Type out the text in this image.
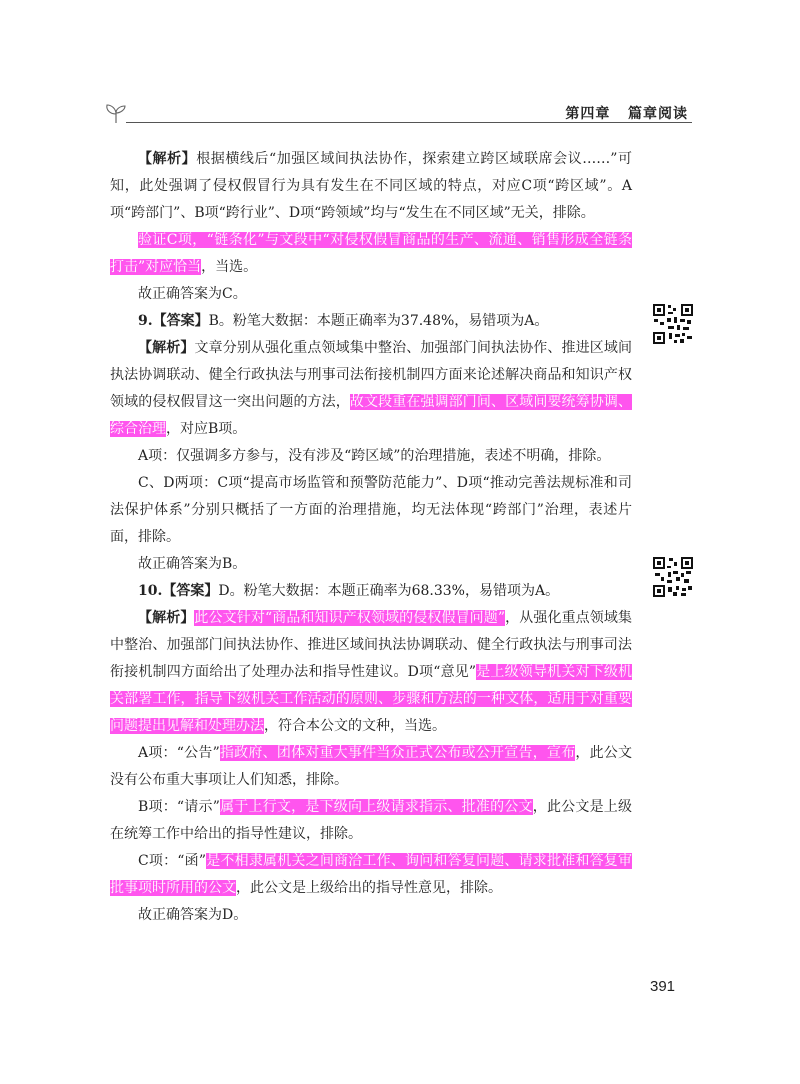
第四章 篇章阅读

【解析】根据横线后“加强区域间执法协作，探索建立跨区域联席会议……”可知，此处强调了侵权假冒行为具有发生在不同区域的特点，对应C项“跨区域”。A项“跨部门”、B项“跨行业”、D项“跨领域”均与“发生在不同区域”无关，排除。

验证C项，“链条化”与文段中“对侵权假冒商品的生产、流通、销售形成全链条打击”对应恰当，当选。

故正确答案为C。

9.【答案】B。粉笔大数据：本题正确率为37.48%，易错项为A。

【解析】文章分别从强化重点领域集中整治、加强部门间执法协作、推进区域间执法协调联动、健全行政执法与刑事司法衔接机制四方面来论述解决商品和知识产权领域的侵权假冒这一突出问题的方法，故文段重在强调部门间、区域间要统筹协调、综合治理，对应B项。

A项：仅强调多方参与，没有涉及“跨区域”的治理措施，表述不明确，排除。

C、D两项：C项“提高市场监管和预警防范能力”、D项“推动完善法规标准和司法保护体系”分别只概括了一方面的治理措施，均无法体现“跨部门”治理，表述片面，排除。

故正确答案为B。

10.【答案】D。粉笔大数据：本题正确率为68.33%，易错项为A。

【解析】此公文针对“商品和知识产权领域的侵权假冒问题”，从强化重点领域集中整治、加强部门间执法协作、推进区域间执法协调联动、健全行政执法与刑事司法衔接机制四方面给出了处理办法和指导性建议。D项“意见”是上级领导机关对下级机关部署工作，指导下级机关工作活动的原则、步骤和方法的一种文体，适用于对重要问题提出见解和处理办法，符合本公文的文种，当选。

A项：“公告”指政府、团体对重大事件当众正式公布或公开宣告，宣布，此公文没有公布重大事项让人们知悉，排除。

B项：“请示”属于上行文，是下级向上级请求指示、批准的公文，此公文是上级在统筹工作中给出的指导性建议，排除。

C项：“函”是不相隶属机关之间商洽工作、询问和答复问题、请求批准和答复审批事项时所用的公文，此公文是上级给出的指导性意见，排除。

故正确答案为D。

391
